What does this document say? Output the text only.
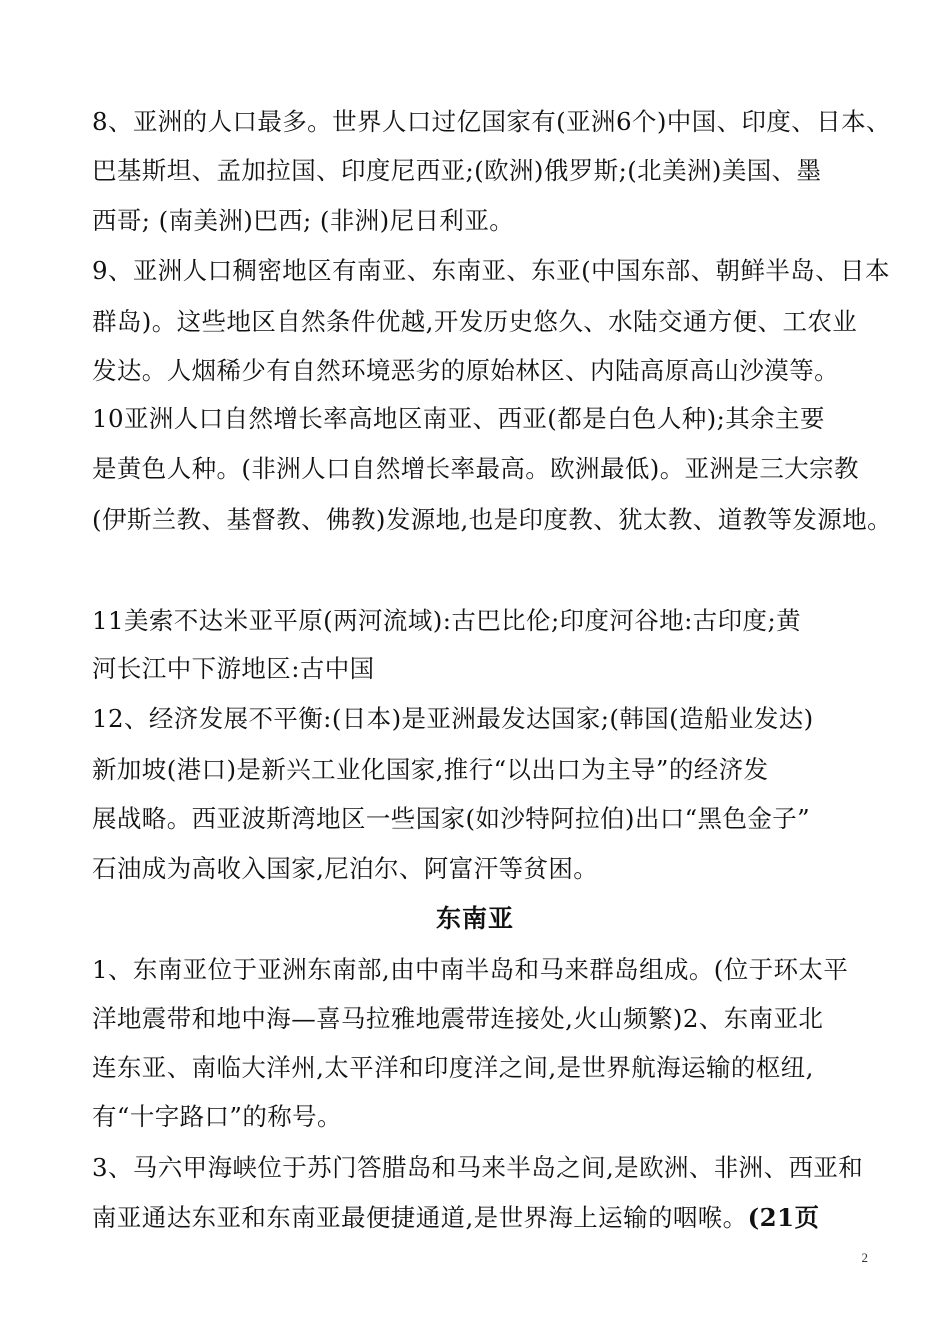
8、亚洲的人口最多。世界人口过亿国家有(亚洲6个)中国、印度、日本、
巴基斯坦、孟加拉国、印度尼西亚;(欧洲)俄罗斯;(北美洲)美国、墨
西哥; (南美洲)巴西; (非洲)尼日利亚。
9、亚洲人口稠密地区有南亚、东南亚、东亚(中国东部、朝鲜半岛、日本
群岛)。这些地区自然条件优越,开发历史悠久、水陆交通方便、工农业
发达。人烟稀少有自然环境恶劣的原始林区、内陆高原高山沙漠等。
10亚洲人口自然增长率高地区南亚、西亚(都是白色人种);其余主要
是黄色人种。(非洲人口自然增长率最高。欧洲最低)。亚洲是三大宗教
(伊斯兰教、基督教、佛教)发源地,也是印度教、犹太教、道教等发源地。
11美索不达米亚平原(两河流域):古巴比伦;印度河谷地:古印度;黄
河长江中下游地区:古中国
12、经济发展不平衡:(日本)是亚洲最发达国家;(韩国(造船业发达)
新加坡(港口)是新兴工业化国家,推行“以出口为主导”的经济发
展战略。西亚波斯湾地区一些国家(如沙特阿拉伯)出口“黑色金子”
石油成为高收入国家,尼泊尔、阿富汗等贫困。
东南亚
1、东南亚位于亚洲东南部,由中南半岛和马来群岛组成。(位于环太平
洋地震带和地中海—喜马拉雅地震带连接处,火山频繁)2、东南亚北
连东亚、南临大洋州,太平洋和印度洋之间,是世界航海运输的枢纽,
有“十字路口”的称号。
3、马六甲海峡位于苏门答腊岛和马来半岛之间,是欧洲、非洲、西亚和
南亚通达东亚和东南亚最便捷通道,是世界海上运输的咽喉。(21页
2
